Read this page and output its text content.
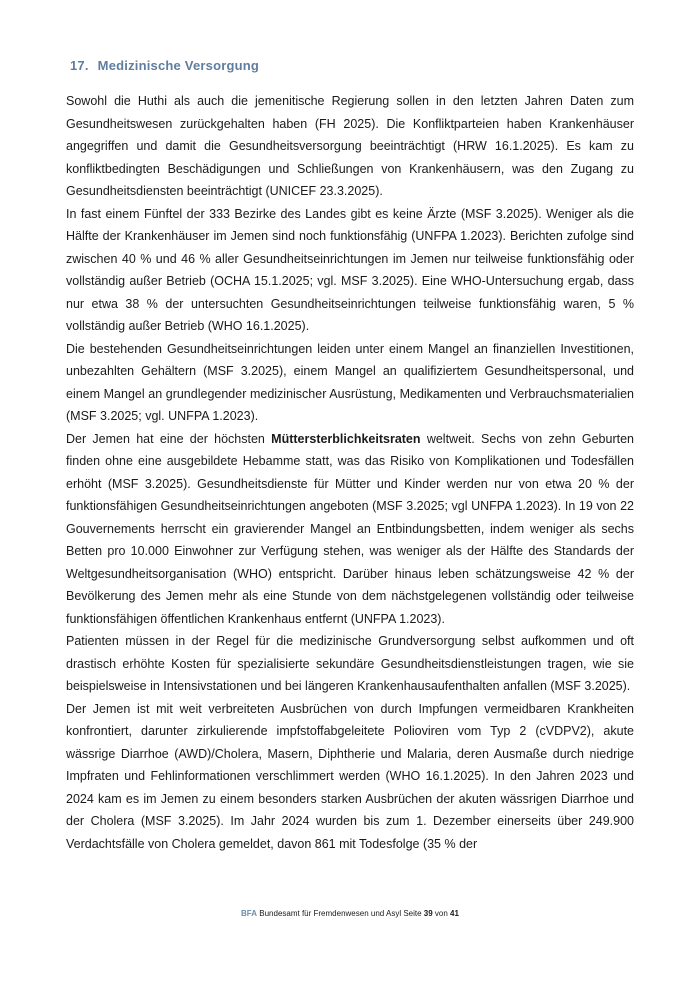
17. Medizinische Versorgung

Sowohl die Huthi als auch die jemenitische Regierung sollen in den letzten Jahren Daten zum Gesundheitswesen zurückgehalten haben (FH 2025). Die Konfliktparteien haben Krankenhäuser angegriffen und damit die Gesundheitsversorgung beeinträchtigt (HRW 16.1.2025). Es kam zu konfliktbedingten Beschädigungen und Schließungen von Krankenhäusern, was den Zugang zu Gesundheitsdiensten beeinträchtigt (UNICEF 23.3.2025).

In fast einem Fünftel der 333 Bezirke des Landes gibt es keine Ärzte (MSF 3.2025). Weniger als die Hälfte der Krankenhäuser im Jemen sind noch funktionsfähig (UNFPA 1.2023). Berichten zufolge sind zwischen 40 % und 46 % aller Gesundheitseinrichtungen im Jemen nur teilweise funktionsfähig oder vollständig außer Betrieb (OCHA 15.1.2025; vgl. MSF 3.2025). Eine WHO-Untersuchung ergab, dass nur etwa 38 % der untersuchten Gesundheitseinrichtungen teilweise funktionsfähig waren, 5 % vollständig außer Betrieb (WHO 16.1.2025).

Die bestehenden Gesundheitseinrichtungen leiden unter einem Mangel an finanziellen Investitionen, unbezahlten Gehältern (MSF 3.2025), einem Mangel an qualifiziertem Gesundheitspersonal, und einem Mangel an grundlegender medizinischer Ausrüstung, Medikamenten und Verbrauchsmaterialien (MSF 3.2025; vgl. UNFPA 1.2023).

Der Jemen hat eine der höchsten Müttersterblichkeitsraten weltweit. Sechs von zehn Geburten finden ohne eine ausgebildete Hebamme statt, was das Risiko von Komplikationen und Todesfällen erhöht (MSF 3.2025). Gesundheitsdienste für Mütter und Kinder werden nur von etwa 20 % der funktionsfähigen Gesundheitseinrichtungen angeboten (MSF 3.2025; vgl UNFPA 1.2023). In 19 von 22 Gouvernements herrscht ein gravierender Mangel an Entbindungsbetten, indem weniger als sechs Betten pro 10.000 Einwohner zur Verfügung stehen, was weniger als der Hälfte des Standards der Weltgesundheitsorganisation (WHO) entspricht. Darüber hinaus leben schätzungsweise 42 % der Bevölkerung des Jemen mehr als eine Stunde von dem nächstgelegenen vollständig oder teilweise funktionsfähigen öffentlichen Krankenhaus entfernt (UNFPA 1.2023).

Patienten müssen in der Regel für die medizinische Grundversorgung selbst aufkommen und oft drastisch erhöhte Kosten für spezialisierte sekundäre Gesundheitsdienstleistungen tragen, wie sie beispielsweise in Intensivstationen und bei längeren Krankenhausaufenthalten anfallen (MSF 3.2025).

Der Jemen ist mit weit verbreiteten Ausbrüchen von durch Impfungen vermeidbaren Krankheiten konfrontiert, darunter zirkulierende impfstoffabgeleitete Polioviren vom Typ 2 (cVDPV2), akute wässrige Diarrhoe (AWD)/Cholera, Masern, Diphtherie und Malaria, deren Ausmaße durch niedrige Impfraten und Fehlinformationen verschlimmert werden (WHO 16.1.2025). In den Jahren 2023 und 2024 kam es im Jemen zu einem besonders starken Ausbrüchen der akuten wässrigen Diarrhoe und der Cholera (MSF 3.2025). Im Jahr 2024 wurden bis zum 1. Dezember einerseits über 249.900 Verdachtsfälle von Cholera gemeldet, davon 861 mit Todesfolge (35 % der

BFA Bundesamt für Fremdenwesen und Asyl Seite 39 von 41
